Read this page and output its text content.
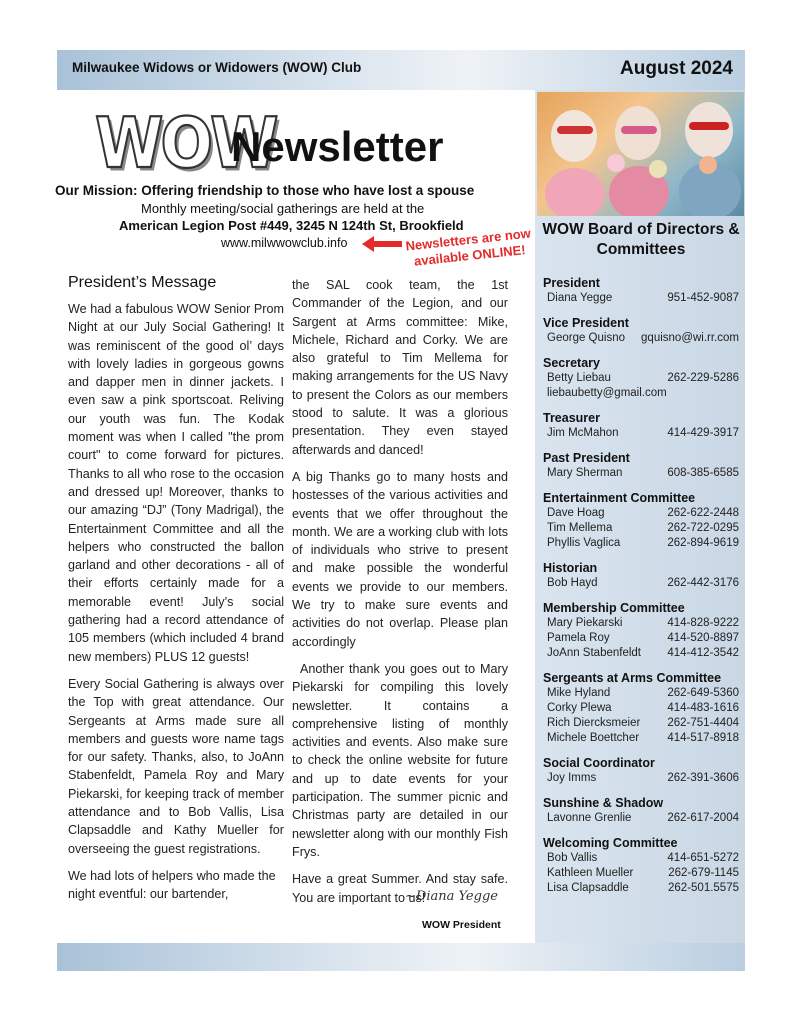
Milwaukee Widows or Widowers (WOW) Club	August 2024
WOW
Newsletter
Our Mission: Offering friendship to those who have lost a spouse
Monthly meeting/social gatherings are held at the
American Legion Post #449, 3245 N 124th St, Brookfield
www.milwwowclub.info	Newsletters are now available ONLINE!
President’s Message

We had a fabulous WOW Senior Prom Night at our July Social Gathering! It was reminiscent of the good ol’ days with lovely ladies in gorgeous gowns and dapper men in dinner jackets. I even saw a pink sportscoat. Reliving our youth was fun. The Kodak moment was when I called "the prom court" to come forward for pictures. Thanks to all who rose to the occasion and dressed up! Moreover, thanks to our amazing “DJ” (Tony Madrigal), the Entertainment Committee and all the helpers who constructed the ballon garland and other decorations - all of their efforts certainly made for a memorable event! July’s social gathering had a record attendance of 105 members (which included 4 brand new members) PLUS 12 guests!

Every Social Gathering is always over the Top with great attendance. Our Sergeants at Arms made sure all members and guests wore name tags for our safety. Thanks, also, to JoAnn Stabenfeldt, Pamela Roy and Mary Piekarski, for keeping track of member attendance and to Bob Vallis, Lisa Clapsaddle and Kathy Mueller for overseeing the guest registrations.

We had lots of helpers who made the night eventful: our bartender,

the SAL cook team, the 1st Commander of the Legion, and our Sargent at Arms committee: Mike, Michele, Richard and Corky. We are also grateful to Tim Mellema for making arrangements for the US Navy to present the Colors as our members stood to salute. It was a glorious presentation. They even stayed afterwards and danced!

A big Thanks go to many hosts and hostesses of the various activities and events that we offer throughout the month. We are a working club with lots of individuals who strive to present and make possible the wonderful events we provide to our members. We try to make sure events and activities do not overlap. Please plan accordingly

Another thank you goes out to Mary Piekarski for compiling this lovely newsletter. It contains a comprehensive listing of monthly activities and events. Also make sure to check the online website for future and up to date events for your participation. The summer picnic and Christmas party are detailed in our newsletter along with our monthly Fish Frys.

Have a great Summer. And stay safe. You are important to us!

~Diana Yegge
WOW President
WOW Board of Directors & Committees
President
Diana Yegge	951-452-9087
Vice President
George Quisno gquisno@wi.rr.com
Secretary
Betty Liebau	262-229-5286
liebaubetty@gmail.com
Treasurer
Jim McMahon	414-429-3917
Past President
Mary Sherman	608-385-6585
Entertainment Committee
Dave Hoag	262-622-2448
Tim Mellema	262-722-0295
Phyllis Vaglica	262-894-9619
Historian
Bob Hayd	262-442-3176
Membership Committee
Mary Piekarski	414-828-9222
Pamela Roy	414-520-8897
JoAnn Stabenfeldt 414-412-3542
Sergeants at Arms Committee
Mike Hyland	262-649-5360
Corky Plewa	414-483-1616
Rich Diercksmeier 262-751-4404
Michele Boettcher 414-517-8918
Social Coordinator
Joy Imms	262-391-3606
Sunshine & Shadow
Lavonne Grenlie	262-617-2004
Welcoming Committee
Bob Vallis	414-651-5272
Kathleen Mueller	262-679-1145
Lisa Clapsaddle	262-501.5575
